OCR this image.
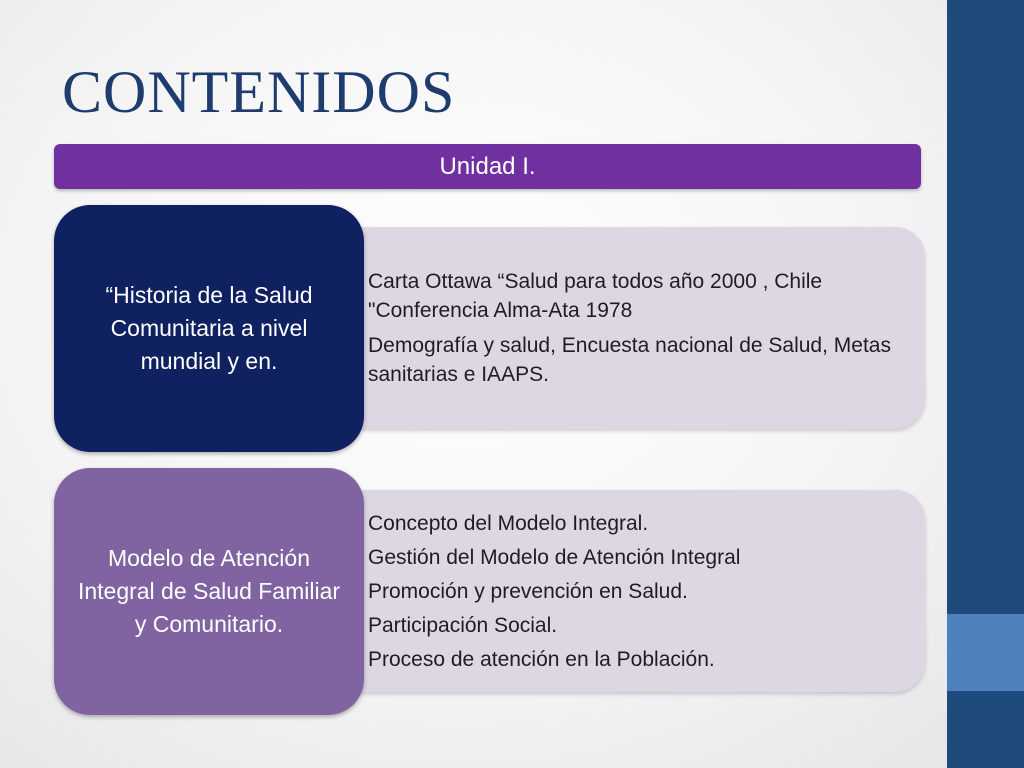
CONTENIDOS
Unidad I.
• Carta Ottawa “Salud para todos año 2000 , Chile "Conferencia Alma-Ata 1978
• Demografía y salud, Encuesta nacional de Salud, Metas sanitarias e IAAPS.
“Historia de la Salud Comunitaria a nivel mundial y en.
• Concepto del Modelo Integral.
• Gestión del Modelo de Atención Integral
• Promoción y prevención en Salud.
• Participación Social.
• Proceso de atención en la Población.
Modelo de Atención Integral de Salud Familiar y Comunitario.
